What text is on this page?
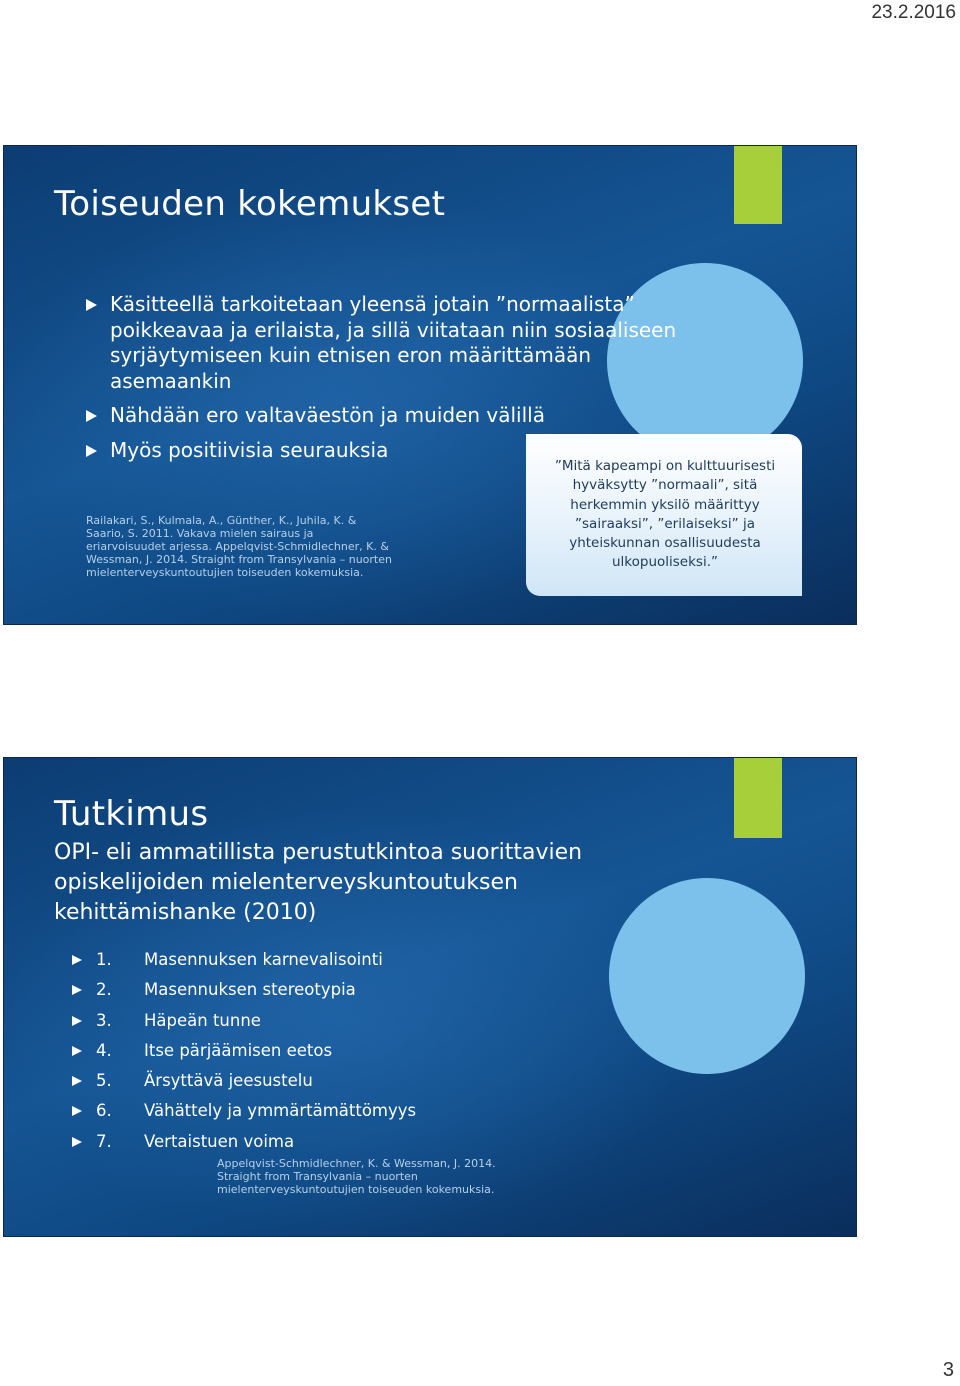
23.2.2016
Toiseuden kokemukset
Käsitteellä tarkoitetaan yleensä jotain ”normaalista” poikkeavaa ja erilaista, ja sillä viitataan niin sosiaaliseen syrjäytymiseen kuin etnisen eron määrittämään asemaankin
Nähdään ero valtaväestön ja muiden välillä
Myös positiivisia seurauksia

Railakari, S., Kulmala, A., Günther, K., Juhila, K. & Saario, S. 2011. Vakava mielen sairaus ja eriarvoisuudet arjessa. Appelqvist-Schmidlechner, K. & Wessman, J. 2014. Straight from Transylvania – nuorten mielenterveyskuntoutujien toiseuden kokemuksia.

”Mitä kapeampi on kulttuurisesti hyväksytty ”normaali”, sitä herkemmin yksilö määrittyy ”sairaaksi”, ”erilaiseksi” ja yhteiskunnan osallisuudesta ulkopuoliseksi.”

Tutkimus

OPI- eli ammatillista perustutkintoa suorittavien opiskelijoiden mielenterveyskuntoutuksen kehittämishanke (2010)

1. Masennuksen karnevalisointi
2. Masennuksen stereotypia
3. Häpeän tunne
4. Itse pärjäämisen eetos
5. Ärsyttävä jeesustelu
6. Vähättely ja ymmärtämättömyys
7. Vertaistuen voima

Appelqvist-Schmidlechner, K. & Wessman, J. 2014. Straight from Transylvania – nuorten mielenterveyskuntoutujien toiseuden kokemuksia.

3
